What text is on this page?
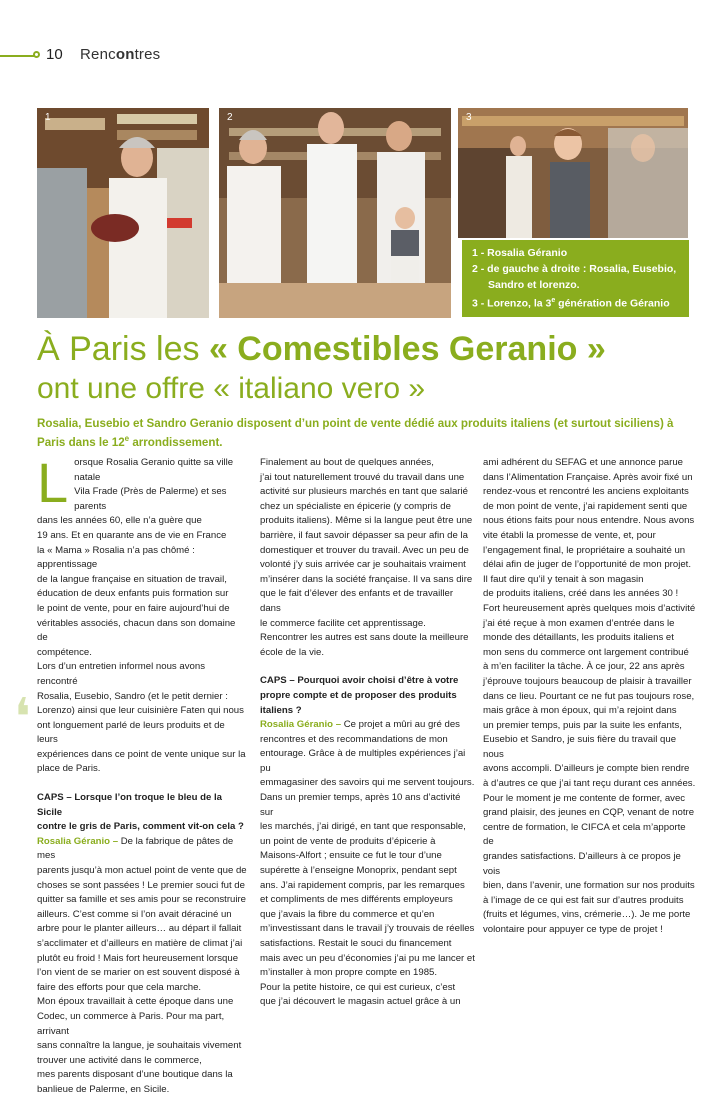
10 Rencontres
1	2	3
1 - Rosalia Géranio
2 - de gauche à droite : Rosalia, Eusebio,
Sandro et lorenzo.
3 - Lorenzo, la 3e génération de Géranio
À Paris les « Comestibles Geranio »
ont une offre « italiano vero »
Rosalia, Eusebio et Sandro Geranio disposent d’un point de vente dédié aux produits italiens (et surtout siciliens) à Paris dans le 12e arrondissement.
❛
L orsque Rosalia Geranio quitte sa ville natale

Vila Frade (Près de Palerme) et ses parents

dans les années 60, elle n’a guère que

19 ans. Et en quarante ans de vie en France

la « Mama » Rosalia n’a pas chômé : apprentissage

de la langue française en situation de travail,

éducation de deux enfants puis formation sur

le point de vente, pour en faire aujourd’hui de

véritables associés, chacun dans son domaine de

compétence.

Lors d’un entretien informel nous avons rencontré

Rosalia, Eusebio, Sandro (et le petit dernier :

Lorenzo) ainsi que leur cuisinière Faten qui nous

ont longuement parlé de leurs produits et de leurs

expériences dans ce point de vente unique sur la

place de Paris.

CAPS – Lorsque l’on troque le bleu de la Sicile

contre le gris de Paris, comment vit-on cela ?

Rosalia Géranio – De la fabrique de pâtes de mes

parents jusqu’à mon actuel point de vente que de

choses se sont passées ! Le premier souci fut de

quitter sa famille et ses amis pour se reconstruire

ailleurs. C’est comme si l’on avait déraciné un

arbre pour le planter ailleurs… au départ il fallait

s’acclimater et d’ailleurs en matière de climat j’ai

plutôt eu froid ! Mais fort heureusement lorsque

l’on vient de se marier on est souvent disposé à

faire des efforts pour que cela marche.

Mon époux travaillait à cette époque dans une

Codec, un commerce à Paris. Pour ma part, arrivant

sans connaître la langue, je souhaitais vivement

trouver une activité dans le commerce,

mes parents disposant d’une boutique dans la

banlieue de Palerme, en Sicile.

Finalement au bout de quelques années,

j’ai tout naturellement trouvé du travail dans une

activité sur plusieurs marchés en tant que salarié

chez un spécialiste en épicerie (y compris de

produits italiens). Même si la langue peut être une

barrière, il faut savoir dépasser sa peur afin de la

domestiquer et trouver du travail. Avec un peu de

volonté j’y suis arrivée car je souhaitais vraiment

m’insérer dans la société française. Il va sans dire

que le fait d’élever des enfants et de travailler dans

le commerce facilite cet apprentissage.

Rencontrer les autres est sans doute la meilleure

école de la vie.

CAPS – Pourquoi avoir choisi d’être à votre

propre compte et de proposer des produits

italiens ?

Rosalia Géranio – Ce projet a mûri au gré des

rencontres et des recommandations de mon

entourage. Grâce à de multiples expériences j’ai pu

emmagasiner des savoirs qui me servent toujours.

Dans un premier temps, après 10 ans d’activité sur

les marchés, j’ai dirigé, en tant que responsable,

un point de vente de produits d’épicerie à

Maisons-Alfort ; ensuite ce fut le tour d’une

supérette à l’enseigne Monoprix, pendant sept

ans. J’ai rapidement compris, par les remarques

et compliments de mes différents employeurs

que j’avais la fibre du commerce et qu’en

m’investissant dans le travail j’y trouvais de réelles

satisfactions. Restait le souci du financement

mais avec un peu d’économies j’ai pu me lancer et

m’installer à mon propre compte en 1985.

Pour la petite histoire, ce qui est curieux, c’est

que j’ai découvert le magasin actuel grâce à un

ami adhérent du SEFAG et une annonce parue

dans l’Alimentation Française. Après avoir fixé un

rendez-vous et rencontré les anciens exploitants

de mon point de vente, j’ai rapidement senti que

nous étions faits pour nous entendre. Nous avons

vite établi la promesse de vente, et, pour

l’engagement final, le propriétaire a souhaité un

délai afin de juger de l’opportunité de mon projet.

Il faut dire qu’il y tenait à son magasin

de produits italiens, créé dans les années 30 !

Fort heureusement après quelques mois d’activité

j’ai été reçue à mon examen d’entrée dans le

monde des détaillants, les produits italiens et

mon sens du commerce ont largement contribué

à m’en faciliter la tâche. À ce jour, 22 ans après

j’éprouve toujours beaucoup de plaisir à travailler

dans ce lieu. Pourtant ce ne fut pas toujours rose,

mais grâce à mon époux, qui m’a rejoint dans

un premier temps, puis par la suite les enfants,

Eusebio et Sandro, je suis fière du travail que nous

avons accompli. D’ailleurs je compte bien rendre

à d’autres ce que j’ai tant reçu durant ces années.

Pour le moment je me contente de former, avec

grand plaisir, des jeunes en CQP, venant de notre

centre de formation, le CIFCA et cela m’apporte de

grandes satisfactions. D’ailleurs à ce propos je vois

bien, dans l’avenir, une formation sur nos produits

à l’image de ce qui est fait sur d’autres produits

(fruits et légumes, vins, crémerie…). Je me porte

volontaire pour appuyer ce type de projet !
